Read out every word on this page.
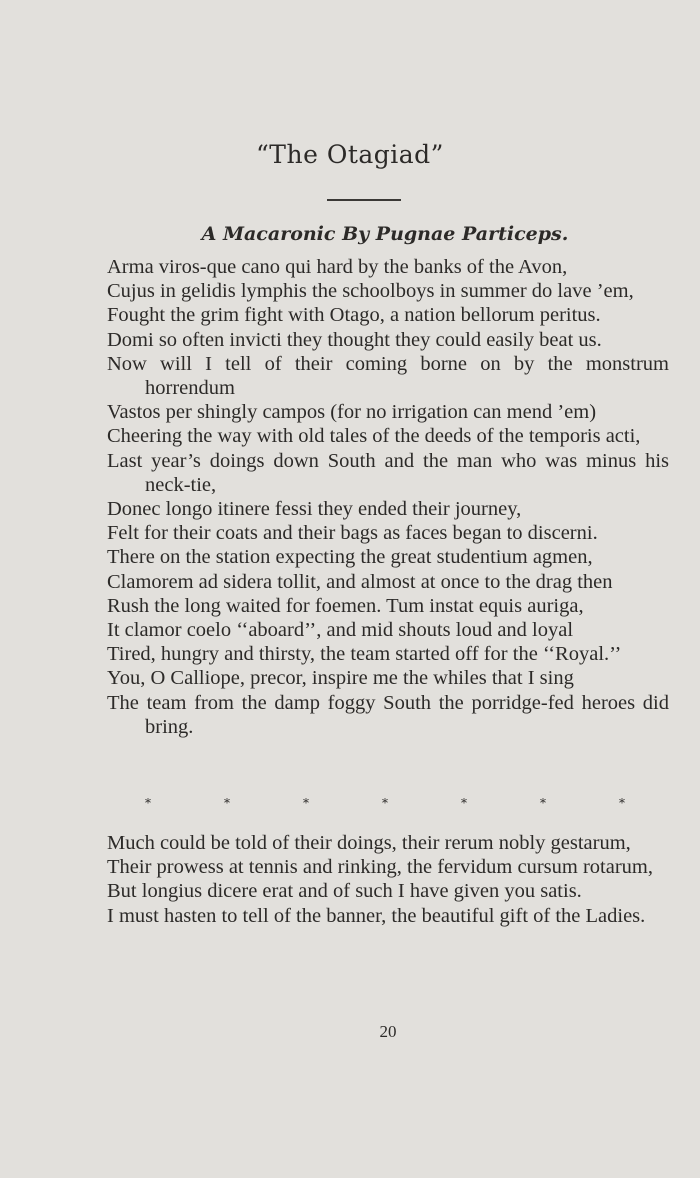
“The Otagiad”
A Macaronic By Pugnae Particeps.
Arma viros-que cano qui hard by the banks of the Avon,
Cujus in gelidis lymphis the schoolboys in summer do lave ’em,
Fought the grim fight with Otago, a nation bellorum peritus.
Domi so often invicti they thought they could easily beat us.
Now will I tell of their coming borne on by the monstrum horrendum
Vastos per shingly campos (for no irrigation can mend ’em)
Cheering the way with old tales of the deeds of the temporis acti,
Last year’s doings down South and the man who was minus his neck-tie,
Donec longo itinere fessi they ended their journey,
Felt for their coats and their bags as faces began to discerni.
There on the station expecting the great studentium agmen,
Clamorem ad sidera tollit, and almost at once to the drag then
Rush the long waited for foemen. Tum instat equis auriga,
It clamor coelo ‘‘aboard’’, and mid shouts loud and loyal
Tired, hungry and thirsty, the team started off for the ‘‘Royal.’’
You, O Calliope, precor, inspire me the whiles that I sing
The team from the damp foggy South the porridge-fed heroes did bring.
*	*	*	*	*	*	*
Much could be told of their doings, their rerum nobly gestarum,
Their prowess at tennis and rinking, the fervidum cursum rotarum,
But longius dicere erat and of such I have given you satis.
I must hasten to tell of the banner, the beautiful gift of the Ladies.
20
